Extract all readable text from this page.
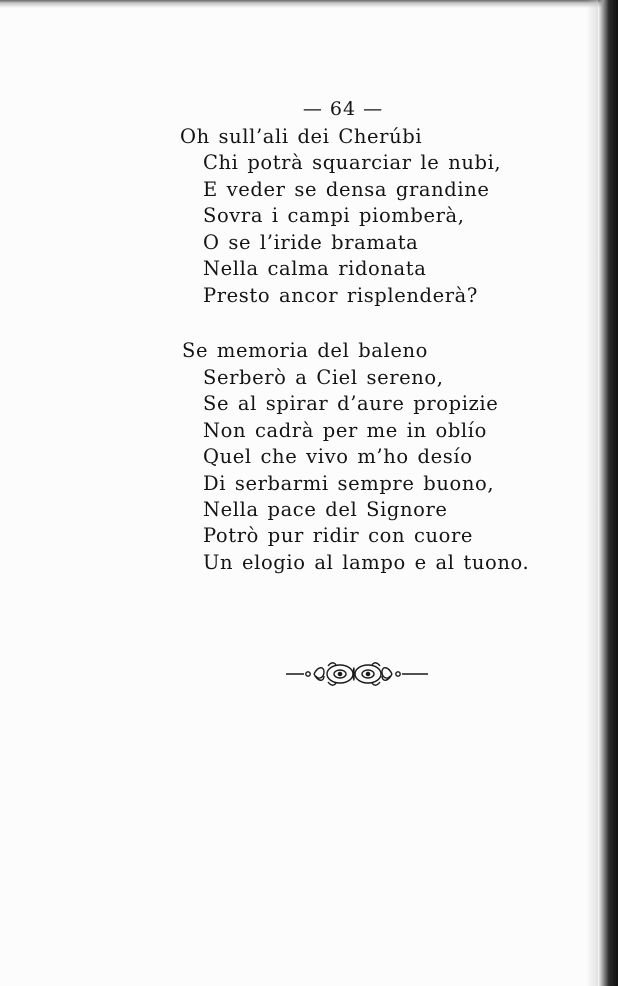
— 64 —
Oh sull’ali dei Cherúbi
Chi potrà squarciar le nubi,
E veder se densa grandine
Sovra i campi piomberà,
O se l’iride bramata
Nella calma ridonata
Presto ancor risplenderà?
Se memoria del baleno
Serberò a Ciel sereno,
Se al spirar d’aure propizie
Non cadrà per me in oblío
Quel che vivo m’ho desío
Di serbarmi sempre buono,
Nella pace del Signore
Potrò pur ridir con cuore
Un elogio al lampo e al tuono.
